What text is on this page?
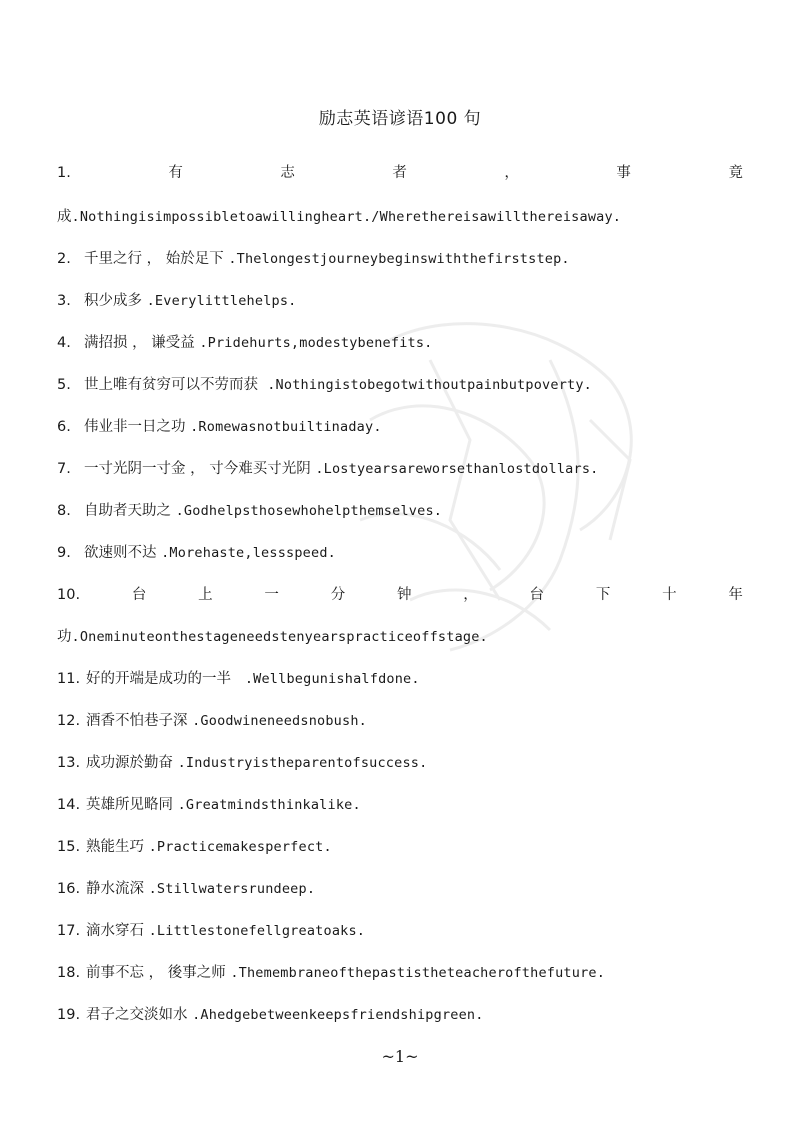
励志英语谚语100 句
1.	有	志	者	，	事	竟
成.Nothingisimpossibletoawillingheart./Wherethereisawillthereisaway.
2. 千里之行 ， 始於足下 .Thelongestjourneybeginswiththefirststep.
3. 积少成多 .Everylittlehelps.
4. 满招损 ， 谦受益 .Pridehurts,modestybenefits.
5. 世上唯有贫穷可以不劳而获 .Nothingistobegotwithoutpainbutpoverty.
6. 伟业非一日之功 .Romewasnotbuiltinaday.
7. 一寸光阴一寸金 ， 寸今难买寸光阴 .Lostyearsareworsethanlostdollars.
8. 自助者天助之 .Godhelpsthosewhohelpthemselves.
9. 欲速则不达 .Morehaste,lessspeed.
10.	台	上	一	分	钟	，	台	下	十	年
功.Oneminuteonthestageneedstenyearspracticeoffstage.
11. 好的开端是成功的一半 .Wellbegunishalfdone.
12. 酒香不怕巷子深 .Goodwineneedsnobush.
13. 成功源於勤奋 .Industryistheparentofsuccess.
14. 英雄所见略同 .Greatmindsthinkalike.
15. 熟能生巧 .Practicemakesperfect.
16. 静水流深 .Stillwatersrundeep.
17. 滴水穿石 .Littlestonefellgreatoaks.
18. 前事不忘 ， 後事之师 .Themembraneofthepastistheteacherofthefuture.
19. 君子之交淡如水 .Ahedgebetweenkeepsfriendshipgreen.
~1~
